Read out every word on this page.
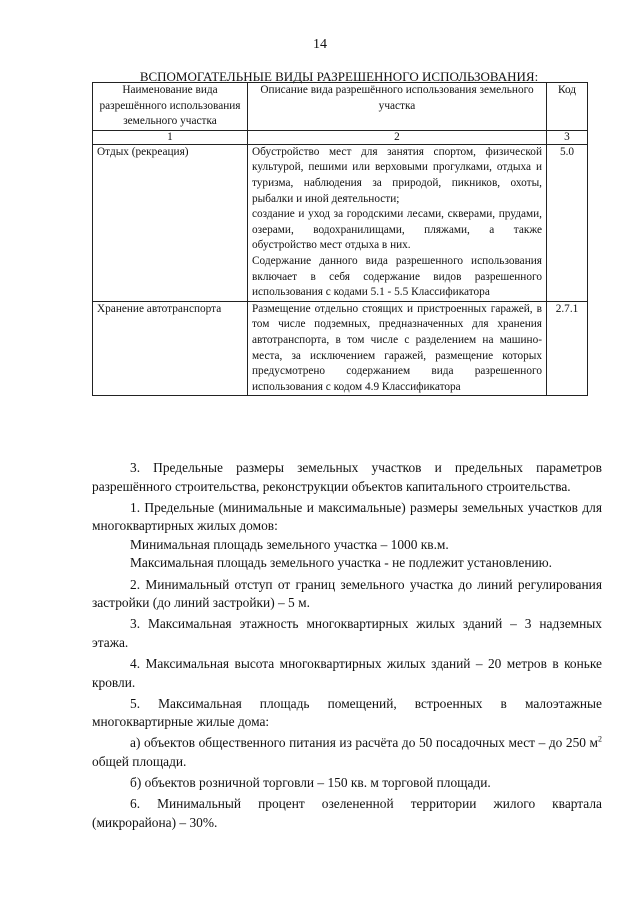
14
ВСПОМОГАТЕЛЬНЫЕ ВИДЫ РАЗРЕШЕННОГО ИСПОЛЬЗОВАНИЯ:
Наименование вида разрешённого использования земельного участка	Описание вида разрешённого использования земельного участка	Код
1	2	3
Отдых (рекреация)	Обустройство мест для занятия спортом, физической культурой, пешими или верховыми прогулками, отдыха и туризма, наблюдения за природой, пикников, охоты, рыбалки и иной деятельности;

создание и уход за городскими лесами, скверами, прудами, озерами, водохранилищами, пляжами, а также обустройство мест отдыха в них.

Содержание данного вида разрешенного использования включает в себя содержание видов разрешенного использования с кодами 5.1 - 5.5 Классификатора	5.0
Хранение автотранспорта	Размещение отдельно стоящих и пристроенных гаражей, в том числе подземных, предназначенных для хранения автотранспорта, в том числе с разделением на машино-места, за исключением гаражей, размещение которых предусмотрено содержанием вида разрешенного использования с кодом 4.9 Классификатора	2.7.1

3. Предельные размеры земельных участков и предельных параметров разрешённого строительства, реконструкции объектов капитального строительства.

1. Предельные (минимальные и максимальные) размеры земельных участков для многоквартирных жилых домов:

Минимальная площадь земельного участка – 1000 кв.м.

Максимальная площадь земельного участка - не подлежит установлению.

2. Минимальный отступ от границ земельного участка до линий регулирования застройки (до линий застройки) – 5 м.

3. Максимальная этажность многоквартирных жилых зданий – 3 надземных этажа.

4. Максимальная высота многоквартирных жилых зданий – 20 метров в коньке кровли.

5. Максимальная площадь помещений, встроенных в малоэтажные многоквартирные жилые дома:

а) объектов общественного питания из расчёта до 50 посадочных мест – до 250 $м^2$ общей площади.

б) объектов розничной торговли – 150 кв. м торговой площади.

6. Минимальный процент озелененной территории жилого квартала (микрорайона) – 30%.
